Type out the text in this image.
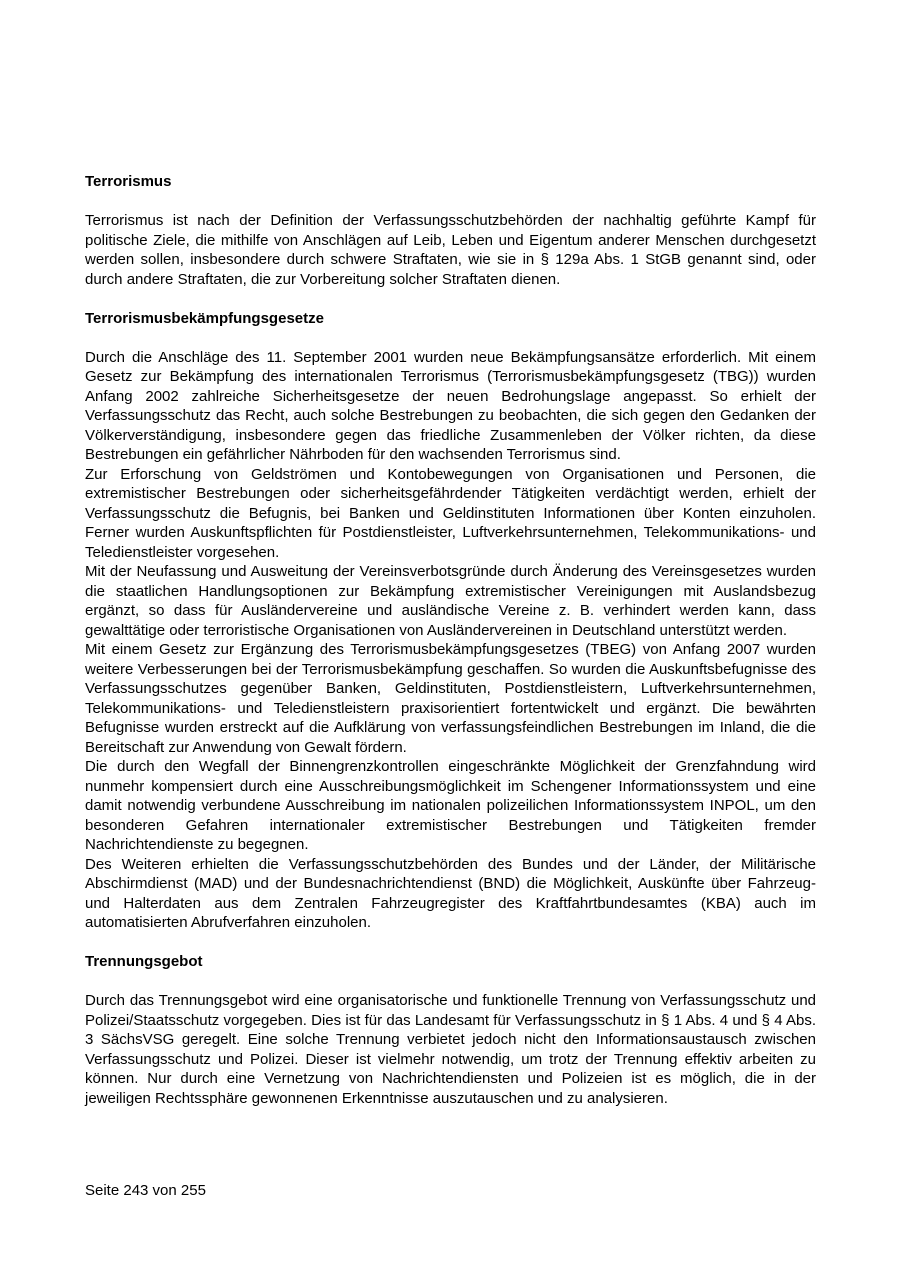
Terrorismus

Terrorismus ist nach der Definition der Verfassungsschutzbehörden der nachhaltig geführte Kampf für politische Ziele, die mithilfe von Anschlägen auf Leib, Leben und Eigentum anderer Menschen durchgesetzt werden sollen, insbesondere durch schwere Straftaten, wie sie in § 129a Abs. 1 StGB genannt sind, oder durch andere Straftaten, die zur Vorbereitung solcher Straftaten dienen.

Terrorismusbekämpfungsgesetze

Durch die Anschläge des 11. September 2001 wurden neue Bekämpfungsansätze erforderlich. Mit einem Gesetz zur Bekämpfung des internationalen Terrorismus (Terrorismusbekämpfungsgesetz (TBG)) wurden Anfang 2002 zahlreiche Sicherheitsgesetze der neuen Bedrohungslage angepasst. So erhielt der Verfassungsschutz das Recht, auch solche Bestrebungen zu beobachten, die sich gegen den Gedanken der Völkerverständigung, insbesondere gegen das friedliche Zusammenleben der Völker richten, da diese Bestrebungen ein gefährlicher Nährboden für den wachsenden Terrorismus sind.

Zur Erforschung von Geldströmen und Kontobewegungen von Organisationen und Personen, die extremistischer Bestrebungen oder sicherheitsgefährdender Tätigkeiten verdächtigt werden, erhielt der Verfassungsschutz die Befugnis, bei Banken und Geldinstituten Informationen über Konten einzuholen. Ferner wurden Auskunftspflichten für Postdienstleister, Luftverkehrsunternehmen, Telekommunikations- und Teledienstleister vorgesehen.

Mit der Neufassung und Ausweitung der Vereinsverbotsgründe durch Änderung des Vereinsgesetzes wurden die staatlichen Handlungsoptionen zur Bekämpfung extremistischer Vereinigungen mit Auslandsbezug ergänzt, so dass für Ausländervereine und ausländische Vereine z. B. verhindert werden kann, dass gewalttätige oder terroristische Organisationen von Ausländervereinen in Deutschland unterstützt werden.

Mit einem Gesetz zur Ergänzung des Terrorismusbekämpfungsgesetzes (TBEG) von Anfang 2007 wurden weitere Verbesserungen bei der Terrorismusbekämpfung geschaffen. So wurden die Auskunftsbefugnisse des Verfassungsschutzes gegenüber Banken, Geldinstituten, Postdienstleistern, Luftverkehrsunternehmen, Telekommunikations- und Teledienstleistern praxisorientiert fortentwickelt und ergänzt. Die bewährten Befugnisse wurden erstreckt auf die Aufklärung von verfassungsfeindlichen Bestrebungen im Inland, die die Bereitschaft zur Anwendung von Gewalt fördern.

Die durch den Wegfall der Binnengrenzkontrollen eingeschränkte Möglichkeit der Grenzfahndung wird nunmehr kompensiert durch eine Ausschreibungsmöglichkeit im Schengener Informationssystem und eine damit notwendig verbundene Ausschreibung im nationalen polizeilichen Informationssystem INPOL, um den besonderen Gefahren internationaler extremistischer Bestrebungen und Tätigkeiten fremder Nachrichtendienste zu begegnen.

Des Weiteren erhielten die Verfassungsschutzbehörden des Bundes und der Länder, der Militärische Abschirmdienst (MAD) und der Bundesnachrichtendienst (BND) die Möglichkeit, Auskünfte über Fahrzeug- und Halterdaten aus dem Zentralen Fahrzeugregister des Kraftfahrtbundesamtes (KBA) auch im automatisierten Abrufverfahren einzuholen.

Trennungsgebot

Durch das Trennungsgebot wird eine organisatorische und funktionelle Trennung von Verfassungsschutz und Polizei/Staatsschutz vorgegeben. Dies ist für das Landesamt für Verfassungsschutz in § 1 Abs. 4 und § 4 Abs. 3 SächsVSG geregelt. Eine solche Trennung verbietet jedoch nicht den Informationsaustausch zwischen Verfassungsschutz und Polizei. Dieser ist vielmehr notwendig, um trotz der Trennung effektiv arbeiten zu können. Nur durch eine Vernetzung von Nachrichtendiensten und Polizeien ist es möglich, die in der jeweiligen Rechtssphäre gewonnenen Erkenntnisse auszutauschen und zu analysieren.

Seite 243 von 255
